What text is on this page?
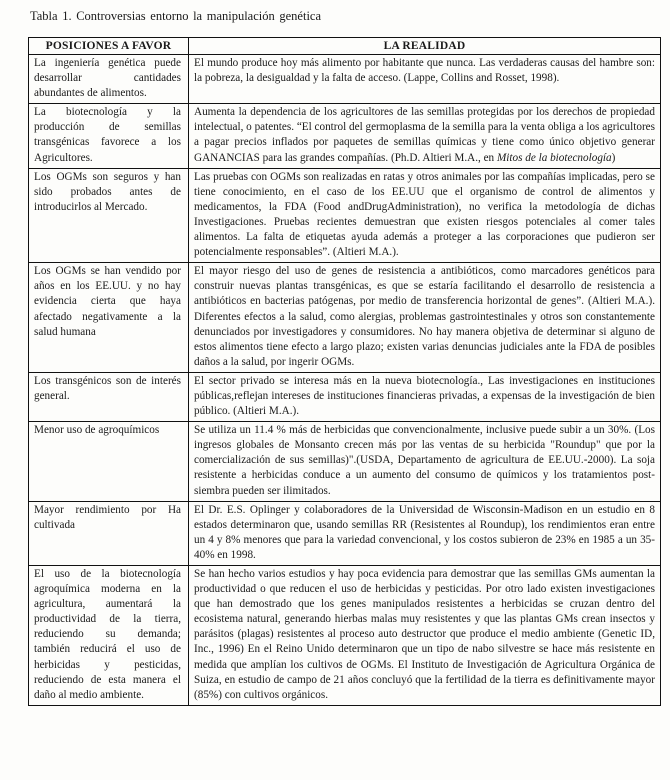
Tabla 1. Controversias entorno la manipulación genética

POSICIONES A FAVOR	LA REALIDAD
La ingeniería genética puede desarrollar cantidades abundantes de alimentos.	El mundo produce hoy más alimento por habitante que nunca. Las verdaderas causas del hambre son: la pobreza, la desigualdad y la falta de acceso. (Lappe, Collins and Rosset, 1998).
La biotecnología y la producción de semillas transgénicas favorece a los Agricultores.	Aumenta la dependencia de los agricultores de las semillas protegidas por los derechos de propiedad intelectual, o patentes. “El control del germoplasma de la semilla para la venta obliga a los agricultores a pagar precios inflados por paquetes de semillas químicas y tiene como único objetivo generar GANANCIAS para las grandes compañías. (Ph.D. Altieri M.A., en Mitos de la biotecnología)
Los OGMs son seguros y han sido probados antes de introducirlos al Mercado.	Las pruebas con OGMs son realizadas en ratas y otros animales por las compañías implicadas, pero se tiene conocimiento, en el caso de los EE.UU que el organismo de control de alimentos y medicamentos, la FDA (Food andDrugAdministration), no verifica la metodología de dichas Investigaciones. Pruebas recientes demuestran que existen riesgos potenciales al comer tales alimentos. La falta de etiquetas ayuda además a proteger a las corporaciones que pudieron ser potencialmente responsables”. (Altieri M.A.).
Los OGMs se han vendido por años en los EE.UU. y no hay evidencia cierta que haya afectado negativamente a la salud humana	El mayor riesgo del uso de genes de resistencia a antibióticos, como marcadores genéticos para construir nuevas plantas transgénicas, es que se estaría facilitando el desarrollo de resistencia a antibióticos en bacterias patógenas, por medio de transferencia horizontal de genes”. (Altieri M.A.). Diferentes efectos a la salud, como alergias, problemas gastrointestinales y otros son constantemente denunciados por investigadores y consumidores. No hay manera objetiva de determinar si alguno de estos alimentos tiene efecto a largo plazo; existen varias denuncias judiciales ante la FDA de posibles daños a la salud, por ingerir OGMs.
Los transgénicos son de interés general.	El sector privado se interesa más en la nueva biotecnología., Las investigaciones en instituciones públicas,reflejan intereses de instituciones financieras privadas, a expensas de la investigación de bien público. (Altieri M.A.).
Menor uso de agroquímicos	Se utiliza un 11.4 % más de herbicidas que convencionalmente, inclusive puede subir a un 30%. (Los ingresos globales de Monsanto crecen más por las ventas de su herbicida "Roundup" que por la comercialización de sus semillas)".(USDA, Departamento de agricultura de EE.UU.-2000). La soja resistente a herbicidas conduce a un aumento del consumo de químicos y los tratamientos post-siembra pueden ser ilimitados.
Mayor rendimiento por Ha cultivada	El Dr. E.S. Oplinger y colaboradores de la Universidad de Wisconsin-Madison en un estudio en 8 estados determinaron que, usando semillas RR (Resistentes al Roundup), los rendimientos eran entre un 4 y 8% menores que para la variedad convencional, y los costos subieron de 23% en 1985 a un 35-40% en 1998.
El uso de la biotecnología agroquímica moderna en la agricultura, aumentará la productividad de la tierra, reduciendo su demanda; también reducirá el uso de herbicidas y pesticidas, reduciendo de esta manera el daño al medio ambiente.	Se han hecho varios estudios y hay poca evidencia para demostrar que las semillas GMs aumentan la productividad o que reducen el uso de herbicidas y pesticidas. Por otro lado existen investigaciones que han demostrado que los genes manipulados resistentes a herbicidas se cruzan dentro del ecosistema natural, generando hierbas malas muy resistentes y que las plantas GMs crean insectos y parásitos (plagas) resistentes al proceso auto destructor que produce el medio ambiente (Genetic ID, Inc., 1996) En el Reino Unido determinaron que un tipo de nabo silvestre se hace más resistente en medida que amplían los cultivos de OGMs. El Instituto de Investigación de Agricultura Orgánica de Suiza, en estudio de campo de 21 años concluyó que la fertilidad de la tierra es definitivamente mayor (85%) con cultivos orgánicos.
